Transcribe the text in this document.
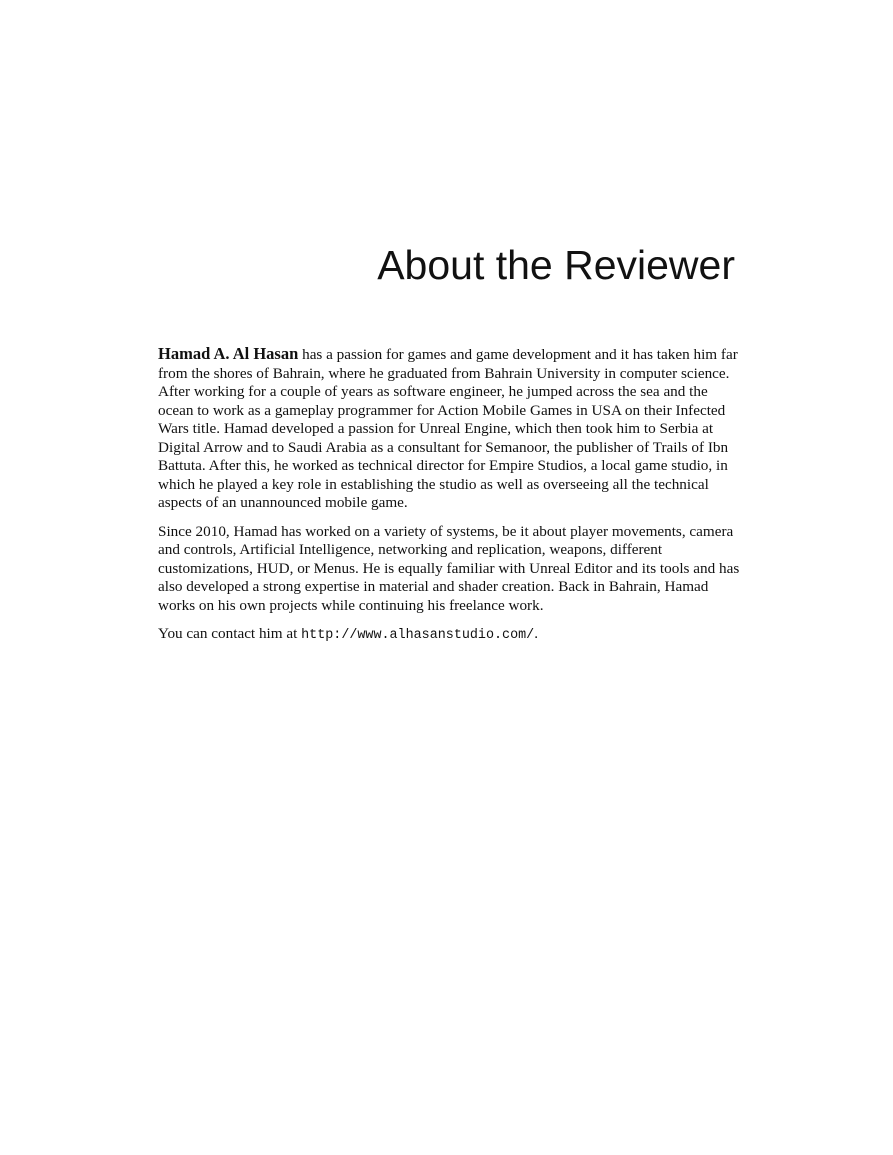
About the Reviewer

Hamad A. Al Hasan has a passion for games and game development and it has taken him far from the shores of Bahrain, where he graduated from Bahrain University in computer science. After working for a couple of years as software engineer, he jumped across the sea and the ocean to work as a gameplay programmer for Action Mobile Games in USA on their Infected Wars title. Hamad developed a passion for Unreal Engine, which then took him to Serbia at Digital Arrow and to Saudi Arabia as a consultant for Semanoor, the publisher of Trails of Ibn Battuta. After this, he worked as technical director for Empire Studios, a local game studio, in which he played a key role in establishing the studio as well as overseeing all the technical aspects of an unannounced mobile game.

Since 2010, Hamad has worked on a variety of systems, be it about player movements, camera and controls, Artificial Intelligence, networking and replication, weapons, different customizations, HUD, or Menus. He is equally familiar with Unreal Editor and its tools and has also developed a strong expertise in material and shader creation. Back in Bahrain, Hamad works on his own projects while continuing his freelance work.

You can contact him at http://www.alhasanstudio.com/.
